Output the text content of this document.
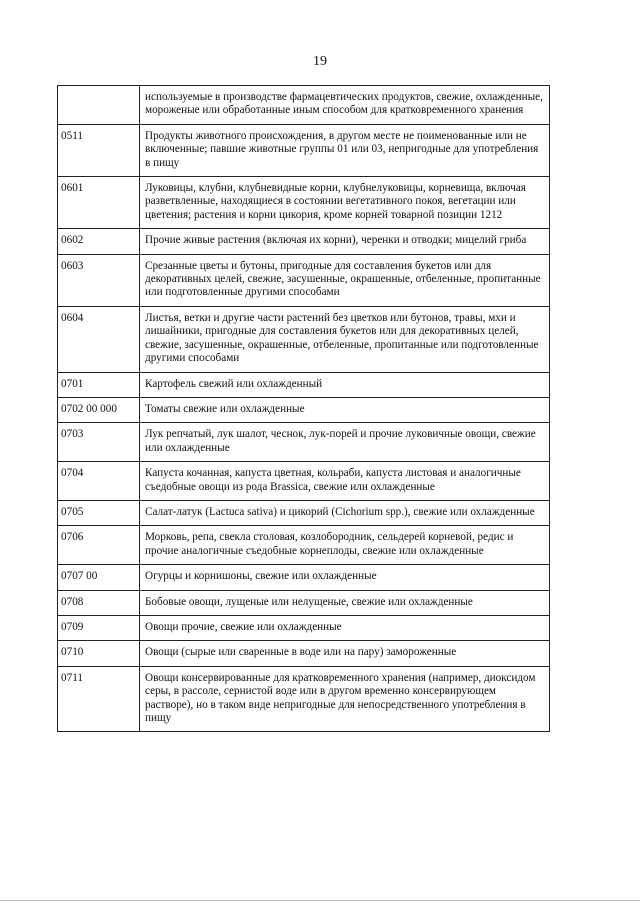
19
	используемые в производстве фармацевтических продуктов, свежие, охлажденные, мороженые или обработанные иным способом для кратковременного хранения
0511	Продукты животного происхождения, в другом месте не поименованные или не включенные; павшие животные группы 01 или 03, непригодные для употребления в пищу
0601	Луковицы, клубни, клубневидные корни, клубнелуковицы, корневища, включая разветвленные, находящиеся в состоянии вегетативного покоя, вегетации или цветения; растения и корни цикория, кроме корней товарной позиции 1212
0602	Прочие живые растения (включая их корни), черенки и отводки; мицелий гриба
0603	Срезанные цветы и бутоны, пригодные для составления букетов или для декоративных целей, свежие, засушенные, окрашенные, отбеленные, пропитанные или подготовленные другими способами
0604	Листья, ветки и другие части растений без цветков или бутонов, травы, мхи и лишайники, пригодные для составления букетов или для декоративных целей, свежие, засушенные, окрашенные, отбеленные, пропитанные или подготовленные другими способами
0701	Картофель свежий или охлажденный
0702 00 000	Томаты свежие или охлажденные
0703	Лук репчатый, лук шалот, чеснок, лук-порей и прочие луковичные овощи, свежие или охлажденные
0704	Капуста кочанная, капуста цветная, кольраби, капуста листовая и аналогичные съедобные овощи из рода Brassica, свежие или охлажденные
0705	Салат-латук (Lactuca sativa) и цикорий (Cichorium spp.), свежие или охлажденные
0706	Морковь, репа, свекла столовая, козлобородник, сельдерей корневой, редис и прочие аналогичные съедобные корнеплоды, свежие или охлажденные
0707 00	Огурцы и корнишоны, свежие или охлажденные
0708	Бобовые овощи, лущеные или нелущеные, свежие или охлажденные
0709	Овощи прочие, свежие или охлажденные
0710	Овощи (сырые или сваренные в воде или на пару) замороженные
0711	Овощи консервированные для кратковременного хранения (например, диоксидом серы, в рассоле, сернистой воде или в другом временно консервирующем растворе), но в таком виде непригодные для непосредственного употребления в пищу
